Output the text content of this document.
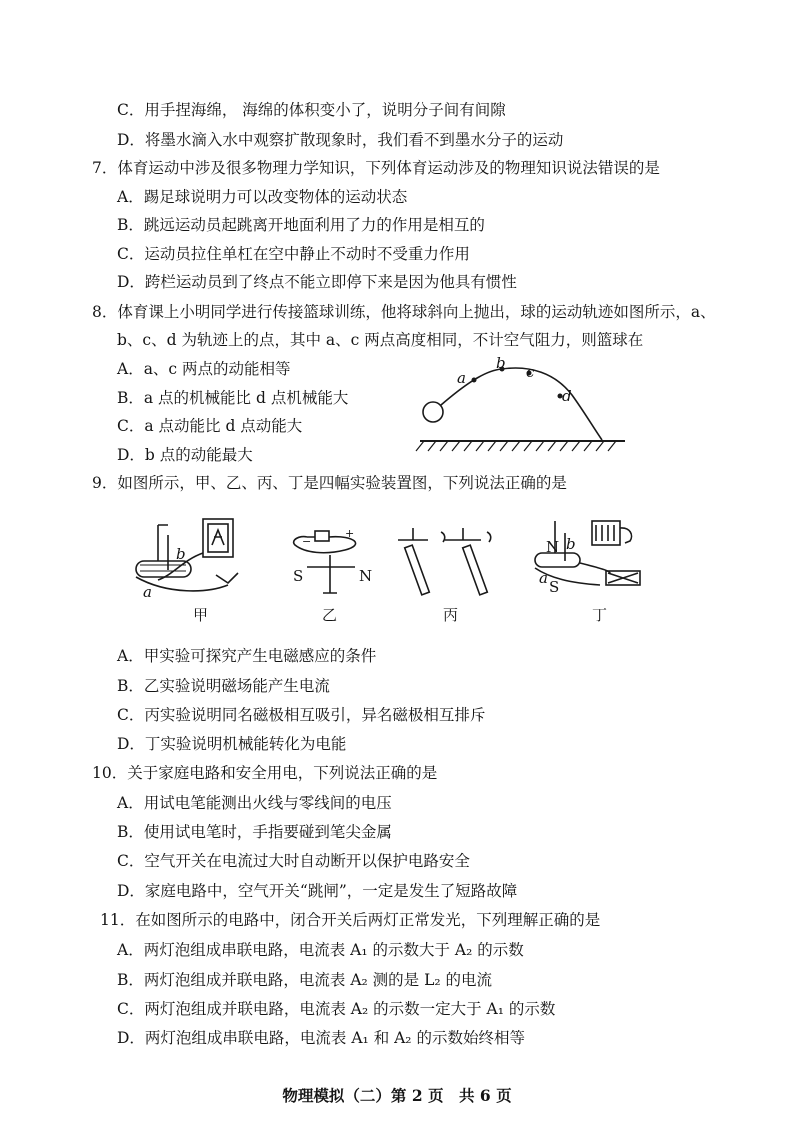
C．用手捏海绵， 海绵的体积变小了，说明分子间有间隙
D．将墨水滴入水中观察扩散现象时，我们看不到墨水分子的运动
7．体育运动中涉及很多物理力学知识，下列体育运动涉及的物理知识说法错误的是
A．踢足球说明力可以改变物体的运动状态
B．跳远运动员起跳离开地面利用了力的作用是相互的
C．运动员拉住单杠在空中静止不动时不受重力作用
D．跨栏运动员到了终点不能立即停下来是因为他具有惯性
8．体育课上小明同学进行传接篮球训练，他将球斜向上抛出，球的运动轨迹如图所示，a、
b、c、d 为轨迹上的点，其中 a、c 两点高度相同，不计空气阻力，则篮球在
A．a、c 两点的动能相等
B．a 点的机械能比 d 点机械能大
C．a 点动能比 d 点动能大
D．b 点的动能最大
a
b c
d
9．如图所示，甲、乙、丙、丁是四幅实验装置图，下列说法正确的是
b
a
−
+
S	N
N
S
a
b
甲	乙	丙	丁
A．甲实验可探究产生电磁感应的条件
B．乙实验说明磁场能产生电流
C．丙实验说明同名磁极相互吸引，异名磁极相互排斥
D．丁实验说明机械能转化为电能
10．关于家庭电路和安全用电，下列说法正确的是
A．用试电笔能测出火线与零线间的电压
B．使用试电笔时，手指要碰到笔尖金属
C．空气开关在电流过大时自动断开以保护电路安全
D．家庭电路中，空气开关“跳闸”，一定是发生了短路故障
11．在如图所示的电路中，闭合开关后两灯正常发光，下列理解正确的是
A．两灯泡组成串联电路，电流表 A₁ 的示数大于 A₂ 的示数
B．两灯泡组成并联电路，电流表 A₂ 测的是 L₂ 的电流
C．两灯泡组成并联电路，电流表 A₂ 的示数一定大于 A₁ 的示数
D．两灯泡组成串联电路，电流表 A₁ 和 A₂ 的示数始终相等
物理模拟（二）第 2 页　共 6 页
